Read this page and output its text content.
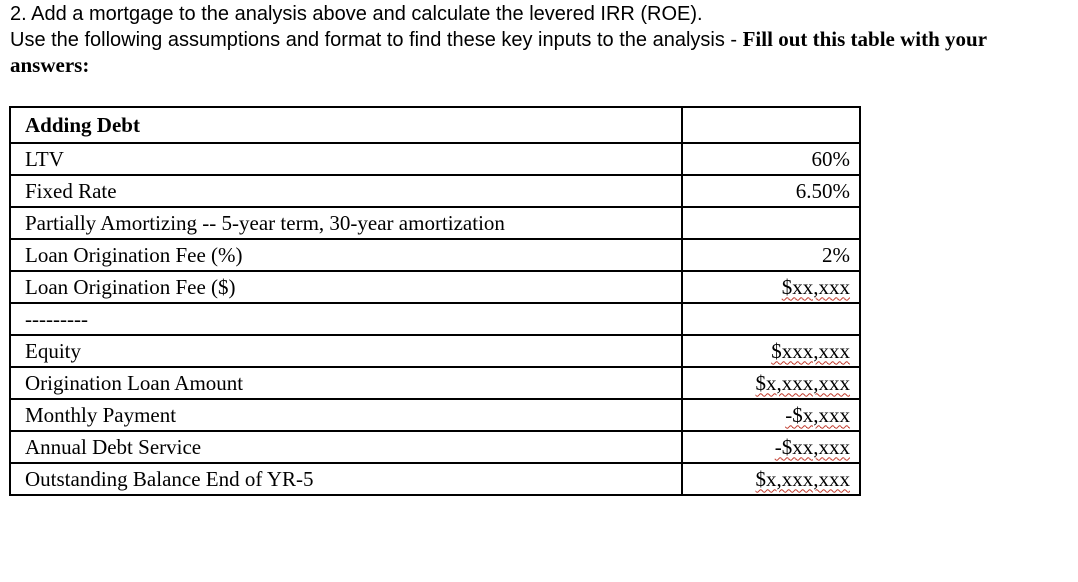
2. Add a mortgage to the analysis above and calculate the levered IRR (ROE).
Use the following assumptions and format to find these key inputs to the analysis - Fill out this table with your answers:
Adding Debt	
LTV	60%
Fixed Rate	6.50%
Partially Amortizing -- 5-year term, 30-year amortization	
Loan Origination Fee (%)	2%
Loan Origination Fee ($)	$xx,xxx
---------	
Equity	$xxx,xxx
Origination Loan Amount	$x,xxx,xxx
Monthly Payment	-$x,xxx
Annual Debt Service	-$xx,xxx
Outstanding Balance End of YR-5	$x,xxx,xxx
